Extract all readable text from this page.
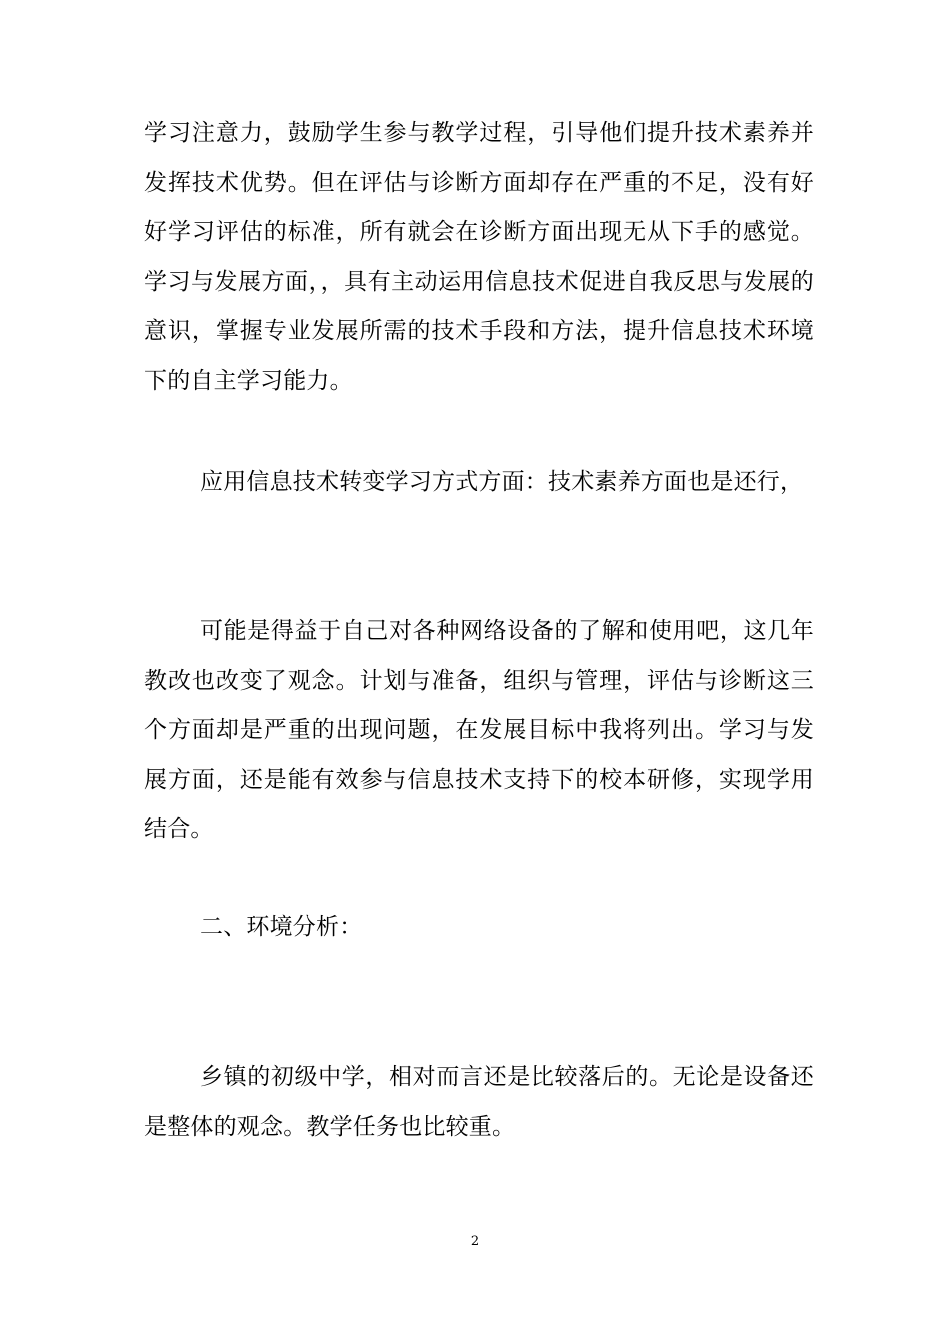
学习注意力，鼓励学生参与教学过程，引导他们提升技术素养并发挥技术优势。但在评估与诊断方面却存在严重的不足，没有好好学习评估的标准，所有就会在诊断方面出现无从下手的感觉。学习与发展方面，，具有主动运用信息技术促进自我反思与发展的意识，掌握专业发展所需的技术手段和方法，提升信息技术环境下的自主学习能力。

应用信息技术转变学习方式方面：技术素养方面也是还行，

可能是得益于自己对各种网络设备的了解和使用吧，这几年教改也改变了观念。计划与准备，组织与管理，评估与诊断这三个方面却是严重的出现问题，在发展目标中我将列出。学习与发展方面，还是能有效参与信息技术支持下的校本研修，实现学用结合。

二、环境分析：

乡镇的初级中学，相对而言还是比较落后的。无论是设备还是整体的观念。教学任务也比较重。

2
